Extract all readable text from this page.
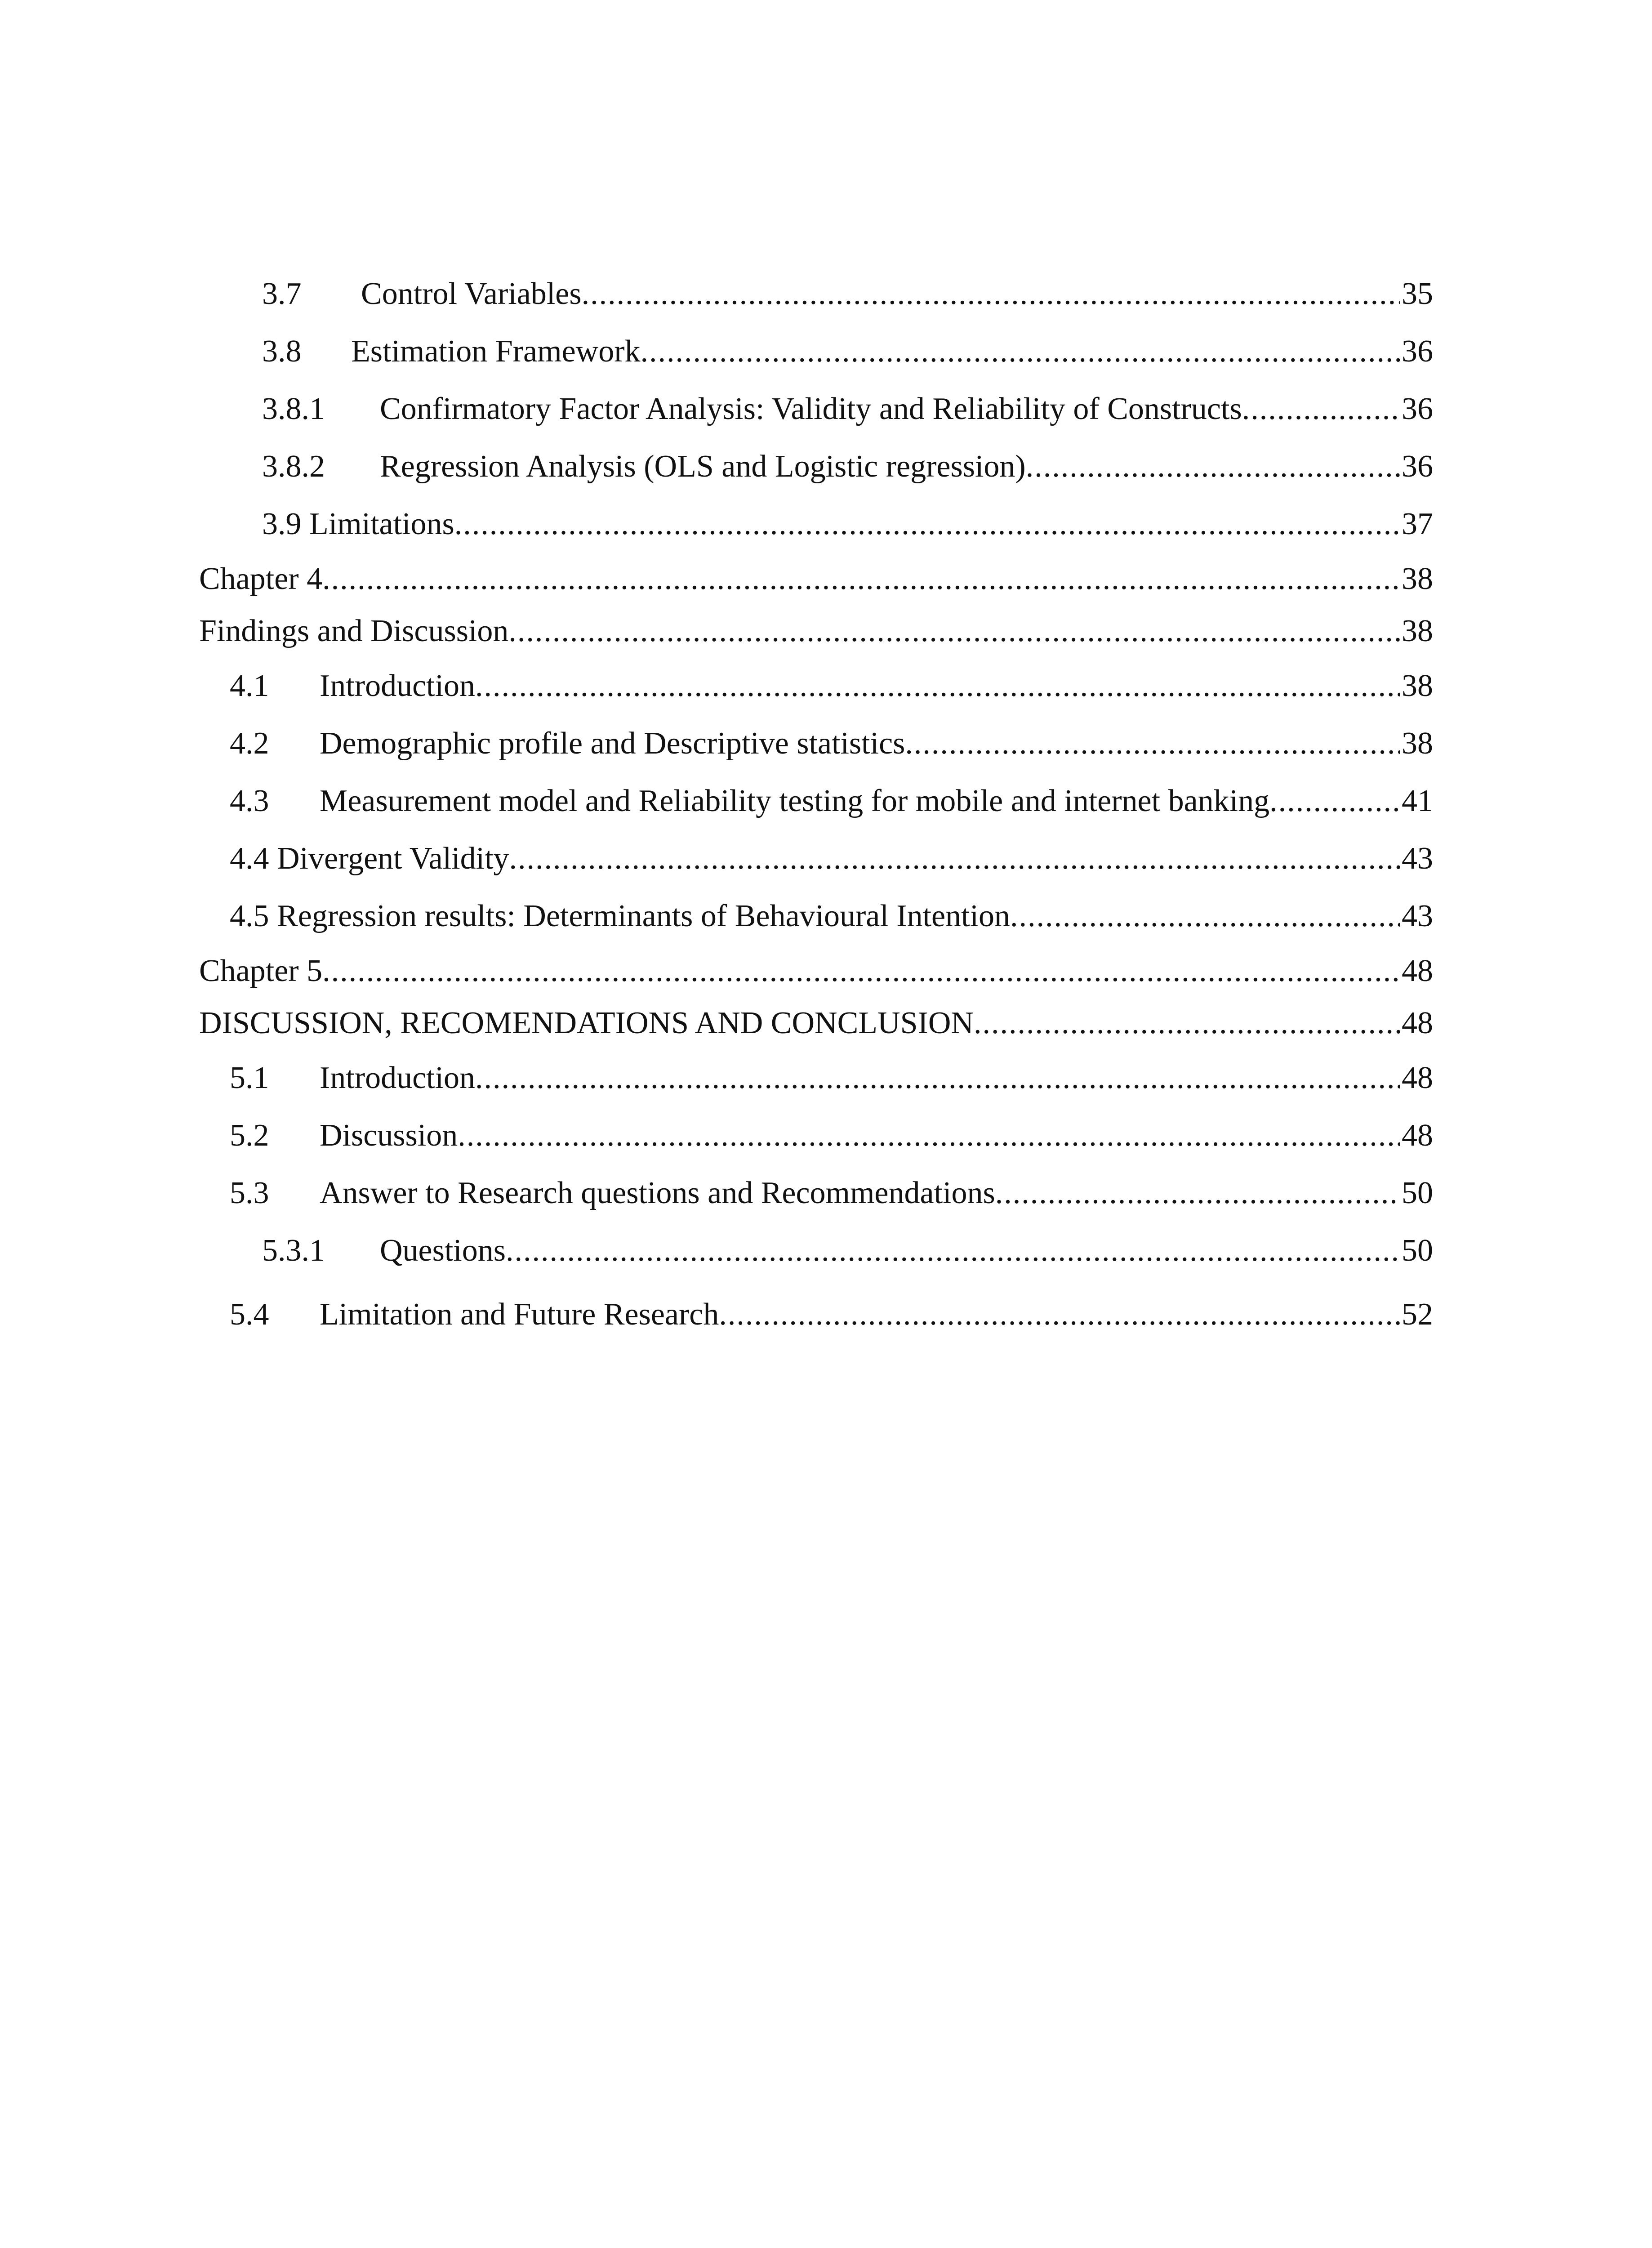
3.7 Control Variables .....	35
3.8 Estimation Framework .....	36
3.8.1 Confirmatory Factor Analysis: Validity and Reliability of Constructs .....	36
3.8.2 Regression Analysis (OLS and Logistic regression) .....	36
3.9 Limitations .....	37
Chapter 4 .....	38
Findings and Discussion .....	38
4.1 Introduction .....	38
4.2 Demographic profile and Descriptive statistics .....	38
4.3 Measurement model and Reliability testing for mobile and internet banking .....	41
4.4 Divergent Validity .....	43
4.5 Regression results: Determinants of Behavioural Intention .....	43
Chapter 5 .....	48
DISCUSSION, RECOMENDATIONS AND CONCLUSION .....	48
5.1 Introduction .....	48
5.2 Discussion .....	48
5.3 Answer to Research questions and Recommendations .....	50
5.3.1 Questions .....	50
5.4 Limitation and Future Research .....	52
